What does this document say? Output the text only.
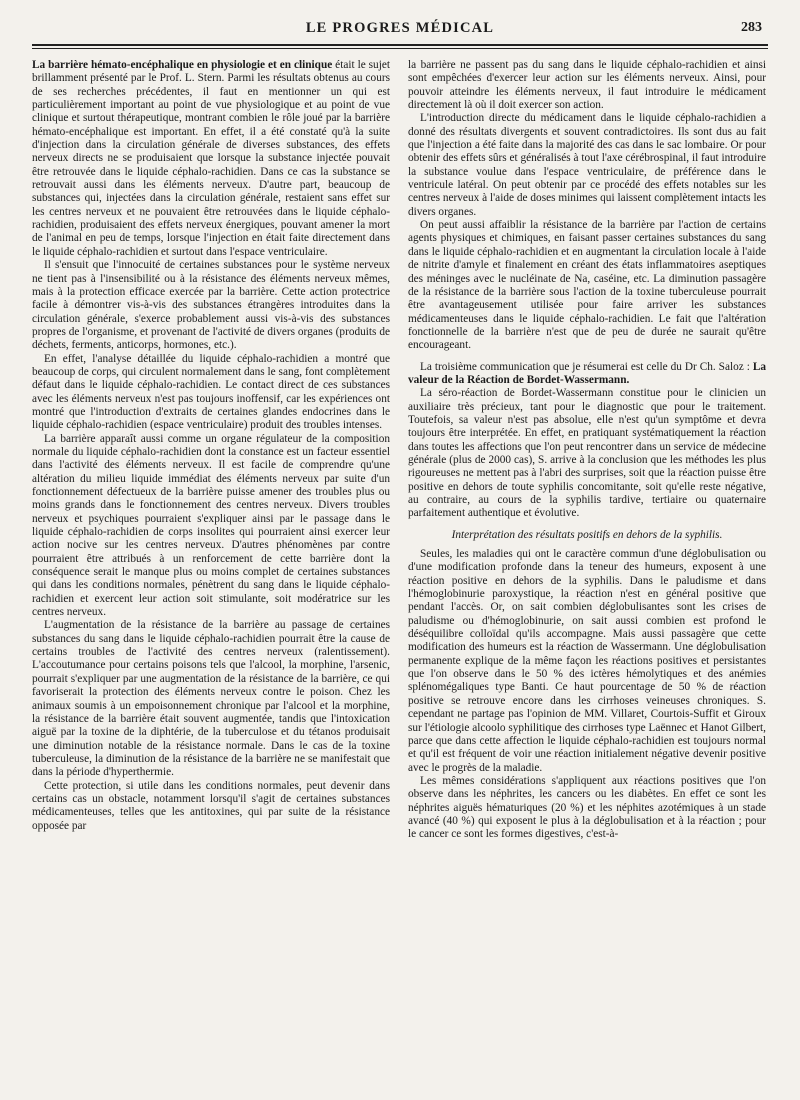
LE PROGRES MÉDICAL	283

La barrière hémato-encéphalique en physiologie et en clinique était le sujet brillamment présenté par le Prof. L. Stern. Parmi les résultats obtenus au cours de ses recherches précédentes, il faut en mentionner un qui est particulièrement important au point de vue physiologique et au point de vue clinique et surtout thérapeutique, montrant combien le rôle joué par la barrière hémato-encéphalique est important. En effet, il a été constaté qu'à la suite d'injection dans la circulation générale de diverses substances, des effets nerveux directs ne se produisaient que lorsque la substance injectée pouvait être retrouvée dans le liquide céphalo-rachidien. Dans ce cas la substance se retrouvait aussi dans les éléments nerveux. D'autre part, beaucoup de substances qui, injectées dans la circulation générale, restaient sans effet sur les centres nerveux et ne pouvaient être retrouvées dans le liquide céphalo-rachidien, produisaient des effets nerveux énergiques, pouvant amener la mort de l'animal en peu de temps, lorsque l'injection en était faite directement dans le liquide céphalo-rachidien et surtout dans l'espace ventriculaire.

Il s'ensuit que l'innocuité de certaines substances pour le système nerveux ne tient pas à l'insensibilité ou à la résistance des éléments nerveux mêmes, mais à la protection efficace exercée par la barrière. Cette action protectrice facile à démontrer vis-à-vis des substances étrangères introduites dans la circulation générale, s'exerce probablement aussi vis-à-vis des substances propres de l'organisme, et provenant de l'activité de divers organes (produits de déchets, ferments, anticorps, hormones, etc.).

En effet, l'analyse détaillée du liquide céphalo-rachidien a montré que beaucoup de corps, qui circulent normalement dans le sang, font complètement défaut dans le liquide céphalo-rachidien. Le contact direct de ces substances avec les éléments nerveux n'est pas toujours inoffensif, car les expériences ont montré que l'introduction d'extraits de certaines glandes endocrines dans le liquide céphalo-rachidien (espace ventriculaire) produit des troubles intenses.

La barrière apparaît aussi comme un organe régulateur de la composition normale du liquide céphalo-rachidien dont la constance est un facteur essentiel dans l'activité des éléments nerveux. Il est facile de comprendre qu'une altération du milieu liquide immédiat des éléments nerveux par suite d'un fonctionnement défectueux de la barrière puisse amener des troubles plus ou moins grands dans le fonctionnement des centres nerveux. Divers troubles nerveux et psychiques pourraient s'expliquer ainsi par le passage dans le liquide céphalo-rachidien de corps insolites qui pourraient ainsi exercer leur action nocive sur les centres nerveux. D'autres phénomènes par contre pourraient être attribués à un renforcement de cette barrière dont la conséquence serait le manque plus ou moins complet de certaines substances qui dans les conditions normales, pénètrent du sang dans le liquide céphalo-rachidien et exercent leur action soit stimulante, soit modératrice sur les centres nerveux.

L'augmentation de la résistance de la barrière au passage de certaines substances du sang dans le liquide céphalo-rachidien pourrait être la cause de certains troubles de l'activité des centres nerveux (ralentissement). L'accoutumance pour certains poisons tels que l'alcool, la morphine, l'arsenic, pourrait s'expliquer par une augmentation de la résistance de la barrière, ce qui favoriserait la protection des éléments nerveux contre le poison. Chez les animaux soumis à un empoisonnement chronique par l'alcool et la morphine, la résistance de la barrière était souvent augmentée, tandis que l'intoxication aiguë par la toxine de la diphtérie, de la tuberculose et du tétanos produisait une diminution notable de la résistance normale. Dans le cas de la toxine tuberculeuse, la diminution de la résistance de la barrière ne se manifestait que dans la période d'hyperthermie.

Cette protection, si utile dans les conditions normales, peut devenir dans certains cas un obstacle, notamment lorsqu'il s'agit de certaines substances médicamenteuses, telles que les antitoxines, qui par suite de la résistance opposée par

la barrière ne passent pas du sang dans le liquide céphalo-rachidien et ainsi sont empêchées d'exercer leur action sur les éléments nerveux. Ainsi, pour pouvoir atteindre les éléments nerveux, il faut introduire le médicament directement là où il doit exercer son action.

L'introduction directe du médicament dans le liquide céphalo-rachidien a donné des résultats divergents et souvent contradictoires. Ils sont dus au fait que l'injection a été faite dans la majorité des cas dans le sac lombaire. Or pour obtenir des effets sûrs et généralisés à tout l'axe cérébrospinal, il faut introduire la substance voulue dans l'espace ventriculaire, de préférence dans le ventricule latéral. On peut obtenir par ce procédé des effets notables sur les centres nerveux à l'aide de doses minimes qui laissent complètement intacts les divers organes.

On peut aussi affaiblir la résistance de la barrière par l'action de certains agents physiques et chimiques, en faisant passer certaines substances du sang dans le liquide céphalo-rachidien et en augmentant la circulation locale à l'aide de nitrite d'amyle et finalement en créant des états inflammatoires aseptiques des méninges avec le nucléinate de Na, caséine, etc. La diminution passagère de la résistance de la barrière sous l'action de la toxine tuberculeuse pourrait être avantageusement utilisée pour faire arriver les substances médicamenteuses dans le liquide céphalo-rachidien. Le fait que l'altération fonctionnelle de la barrière n'est que de peu de durée ne saurait qu'être encourageant.

La troisième communication que je résumerai est celle du Dr Ch. Saloz : La valeur de la Réaction de Bordet-Wassermann.

La séro-réaction de Bordet-Wassermann constitue pour le clinicien un auxiliaire très précieux, tant pour le diagnostic que pour le traitement. Toutefois, sa valeur n'est pas absolue, elle n'est qu'un symptôme et devra toujours être interprétée. En effet, en pratiquant systématiquement la réaction dans toutes les affections que l'on peut rencontrer dans un service de médecine générale (plus de 2000 cas), S. arrive à la conclusion que les méthodes les plus rigoureuses ne mettent pas à l'abri des surprises, soit que la réaction puisse être positive en dehors de toute syphilis concomitante, soit qu'elle reste négative, au contraire, au cours de la syphilis tardive, tertiaire ou quaternaire parfaitement authentique et évolutive.

Interprétation des résultats positifs en dehors de la syphilis.

Seules, les maladies qui ont le caractère commun d'une déglobulisation ou d'une modification profonde dans la teneur des humeurs, exposent à une réaction positive en dehors de la syphilis. Dans le paludisme et dans l'hémoglobinurie paroxystique, la réaction n'est en général positive que pendant l'accès. Or, on sait combien déglobulisantes sont les crises de paludisme ou d'hémoglobinurie, on sait aussi combien est profond le déséquilibre colloïdal qu'ils accompagne. Mais aussi passagère que cette modification des humeurs est la réaction de Wassermann. Une déglobulisation permanente explique de la même façon les réactions positives et persistantes que l'on observe dans le 50 % des ictères hémolytiques et des anémies splénomégaliques type Banti. Ce haut pourcentage de 50 % de réaction positive se retrouve encore dans les cirrhoses veineuses chroniques. S. cependant ne partage pas l'opinion de MM. Villaret, Courtois-Suffit et Giroux sur l'étiologie alcoolo syphilitique des cirrhoses type Laënnec et Hanot Gilbert, parce que dans cette affection le liquide céphalo-rachidien est toujours normal et qu'il est fréquent de voir une réaction initialement négative devenir positive avec le progrès de la maladie.

Les mêmes considérations s'appliquent aux réactions positives que l'on observe dans les néphrites, les cancers ou les diabètes. En effet ce sont les néphrites aiguës hématuriques (20 %) et les néphites azotémiques à un stade avancé (40 %) qui exposent le plus à la déglobulisation et à la réaction ; pour le cancer ce sont les formes digestives, c'est-à-
